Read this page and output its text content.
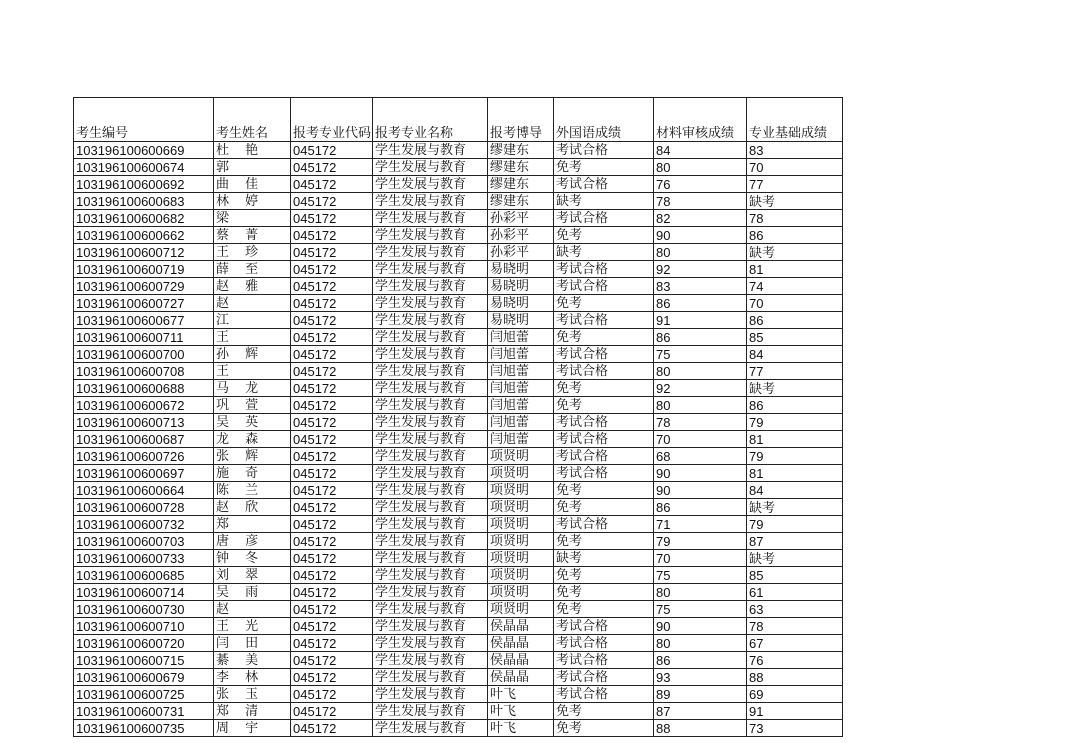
考生编号	考生姓名	报考专业代码	报考专业名称	报考博导	外国语成绩	材料审核成绩	专业基础成绩
103196100600669	杜 艳	045172	学生发展与教育	缪建东	考试合格	84	83
103196100600674	郭	045172	学生发展与教育	缪建东	免考	80	70
103196100600692	曲 佳	045172	学生发展与教育	缪建东	考试合格	76	77
103196100600683	林 婷	045172	学生发展与教育	缪建东	缺考	78	缺考
103196100600682	梁	045172	学生发展与教育	孙彩平	考试合格	82	78
103196100600662	蔡 菁	045172	学生发展与教育	孙彩平	免考	90	86
103196100600712	王 珍	045172	学生发展与教育	孙彩平	缺考	80	缺考
103196100600719	薛 至	045172	学生发展与教育	易晓明	考试合格	92	81
103196100600729	赵 雅	045172	学生发展与教育	易晓明	考试合格	83	74
103196100600727	赵	045172	学生发展与教育	易晓明	免考	86	70
103196100600677	江	045172	学生发展与教育	易晓明	考试合格	91	86
103196100600711	王	045172	学生发展与教育	闫旭蕾	免考	86	85
103196100600700	孙 辉	045172	学生发展与教育	闫旭蕾	考试合格	75	84
103196100600708	王	045172	学生发展与教育	闫旭蕾	考试合格	80	77
103196100600688	马 龙	045172	学生发展与教育	闫旭蕾	免考	92	缺考
103196100600672	巩 萱	045172	学生发展与教育	闫旭蕾	免考	80	86
103196100600713	吴 英	045172	学生发展与教育	闫旭蕾	考试合格	78	79
103196100600687	龙 森	045172	学生发展与教育	闫旭蕾	考试合格	70	81
103196100600726	张 辉	045172	学生发展与教育	项贤明	考试合格	68	79
103196100600697	施 奇	045172	学生发展与教育	项贤明	考试合格	90	81
103196100600664	陈 兰	045172	学生发展与教育	项贤明	免考	90	84
103196100600728	赵 欣	045172	学生发展与教育	项贤明	免考	86	缺考
103196100600732	郑	045172	学生发展与教育	项贤明	考试合格	71	79
103196100600703	唐 彦	045172	学生发展与教育	项贤明	免考	79	87
103196100600733	钟 冬	045172	学生发展与教育	项贤明	缺考	70	缺考
103196100600685	刘 翠	045172	学生发展与教育	项贤明	免考	75	85
103196100600714	吴 雨	045172	学生发展与教育	项贤明	免考	80	61
103196100600730	赵	045172	学生发展与教育	项贤明	免考	75	63
103196100600710	王 光	045172	学生发展与教育	侯晶晶	考试合格	90	78
103196100600720	闫 田	045172	学生发展与教育	侯晶晶	考试合格	80	67
103196100600715	綦 美	045172	学生发展与教育	侯晶晶	考试合格	86	76
103196100600679	李 林	045172	学生发展与教育	侯晶晶	考试合格	93	88
103196100600725	张 玉	045172	学生发展与教育	叶飞	考试合格	89	69
103196100600731	郑 清	045172	学生发展与教育	叶飞	免考	87	91
103196100600735	周 宇	045172	学生发展与教育	叶飞	免考	88	73
